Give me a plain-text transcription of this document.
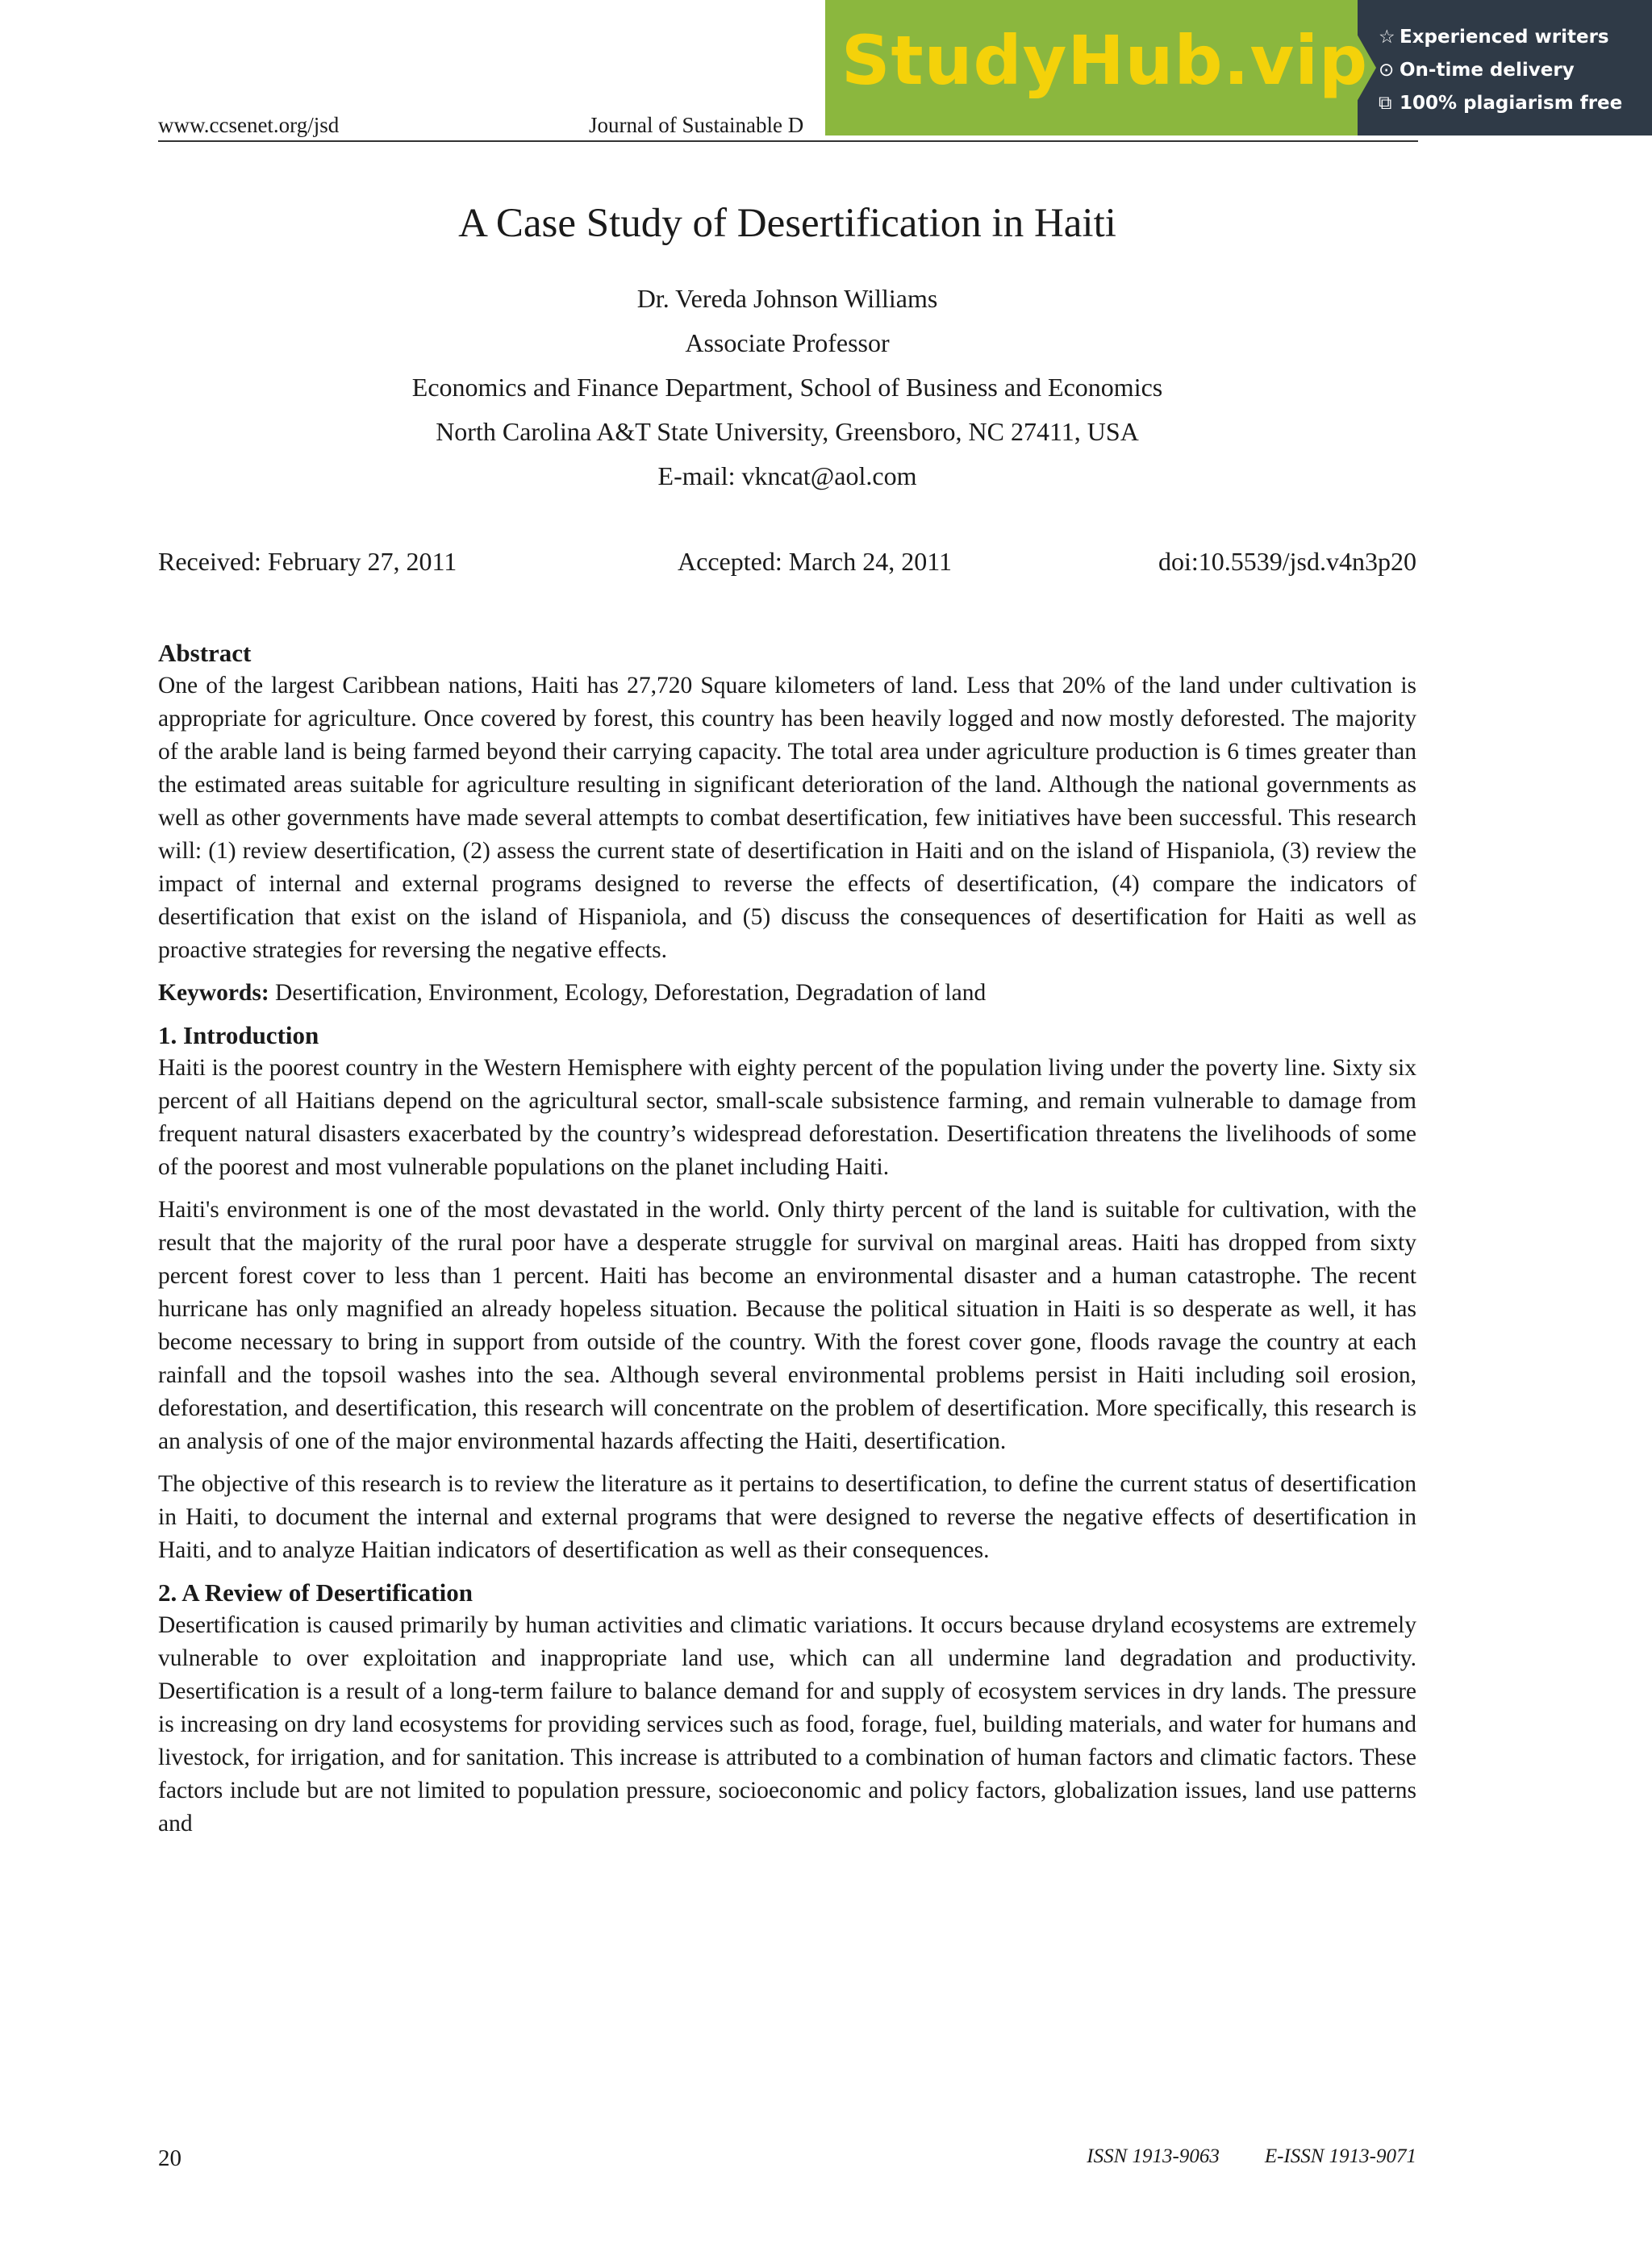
www.ccsenet.org/jsd	Journal of Sustainable D
A Case Study of Desertification in Haiti
Dr. Vereda Johnson Williams
Associate Professor
Economics and Finance Department, School of Business and Economics
North Carolina A&T State University, Greensboro, NC 27411, USA
E-mail: vkncat@aol.com
Received: February 27, 2011	Accepted: March 24, 2011	doi:10.5539/jsd.v4n3p20
Abstract

One of the largest Caribbean nations, Haiti has 27,720 Square kilometers of land. Less that 20% of the land under cultivation is appropriate for agriculture. Once covered by forest, this country has been heavily logged and now mostly deforested. The majority of the arable land is being farmed beyond their carrying capacity. The total area under agriculture production is 6 times greater than the estimated areas suitable for agriculture resulting in significant deterioration of the land. Although the national governments as well as other governments have made several attempts to combat desertification, few initiatives have been successful. This research will: (1) review desertification, (2) assess the current state of desertification in Haiti and on the island of Hispaniola, (3) review the impact of internal and external programs designed to reverse the effects of desertification, (4) compare the indicators of desertification that exist on the island of Hispaniola, and (5) discuss the consequences of desertification for Haiti as well as proactive strategies for reversing the negative effects.

Keywords: Desertification, Environment, Ecology, Deforestation, Degradation of land

1. Introduction

Haiti is the poorest country in the Western Hemisphere with eighty percent of the population living under the poverty line. Sixty six percent of all Haitians depend on the agricultural sector, small-scale subsistence farming, and remain vulnerable to damage from frequent natural disasters exacerbated by the country’s widespread deforestation. Desertification threatens the livelihoods of some of the poorest and most vulnerable populations on the planet including Haiti.

Haiti's environment is one of the most devastated in the world. Only thirty percent of the land is suitable for cultivation, with the result that the majority of the rural poor have a desperate struggle for survival on marginal areas. Haiti has dropped from sixty percent forest cover to less than 1 percent. Haiti has become an environmental disaster and a human catastrophe. The recent hurricane has only magnified an already hopeless situation. Because the political situation in Haiti is so desperate as well, it has become necessary to bring in support from outside of the country. With the forest cover gone, floods ravage the country at each rainfall and the topsoil washes into the sea. Although several environmental problems persist in Haiti including soil erosion, deforestation, and desertification, this research will concentrate on the problem of desertification. More specifically, this research is an analysis of one of the major environmental hazards affecting the Haiti, desertification.

The objective of this research is to review the literature as it pertains to desertification, to define the current status of desertification in Haiti, to document the internal and external programs that were designed to reverse the negative effects of desertification in Haiti, and to analyze Haitian indicators of desertification as well as their consequences.

2. A Review of Desertification

Desertification is caused primarily by human activities and climatic variations. It occurs because dryland ecosystems are extremely vulnerable to over exploitation and inappropriate land use, which can all undermine land degradation and productivity. Desertification is a result of a long-term failure to balance demand for and supply of ecosystem services in dry lands. The pressure is increasing on dry land ecosystems for providing services such as food, forage, fuel, building materials, and water for humans and livestock, for irrigation, and for sanitation. This increase is attributed to a combination of human factors and climatic factors. These factors include but are not limited to population pressure, socioeconomic and policy factors, globalization issues, land use patterns and

20	ISSN 1913-9063 E-ISSN 1913-9071
StudyHub.vip ☆ Experienced writers
⊙ On-time delivery
⧉ 100% plagiarism free
